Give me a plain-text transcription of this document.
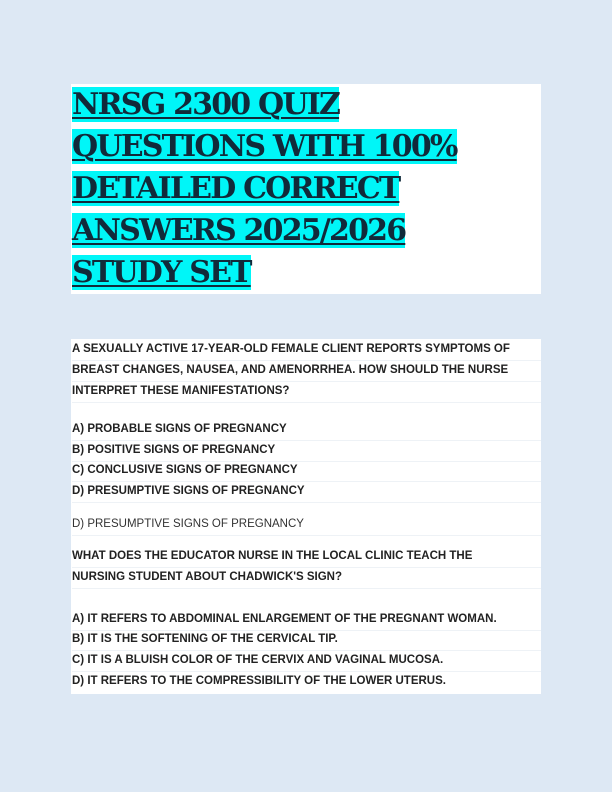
NRSG 2300 QUIZ
QUESTIONS WITH 100%
DETAILED CORRECT
ANSWERS 2025/2026
STUDY SET
A SEXUALLY ACTIVE 17-YEAR-OLD FEMALE CLIENT REPORTS SYMPTOMS OF
BREAST CHANGES, NAUSEA, AND AMENORRHEA. HOW SHOULD THE NURSE
INTERPRET THESE MANIFESTATIONS?
A) PROBABLE SIGNS OF PREGNANCY
B) POSITIVE SIGNS OF PREGNANCY
C) CONCLUSIVE SIGNS OF PREGNANCY
D) PRESUMPTIVE SIGNS OF PREGNANCY
D) PRESUMPTIVE SIGNS OF PREGNANCY
WHAT DOES THE EDUCATOR NURSE IN THE LOCAL CLINIC TEACH THE
NURSING STUDENT ABOUT CHADWICK'S SIGN?
A) IT REFERS TO ABDOMINAL ENLARGEMENT OF THE PREGNANT WOMAN.
B) IT IS THE SOFTENING OF THE CERVICAL TIP.
C) IT IS A BLUISH COLOR OF THE CERVIX AND VAGINAL MUCOSA.
D) IT REFERS TO THE COMPRESSIBILITY OF THE LOWER UTERUS.
